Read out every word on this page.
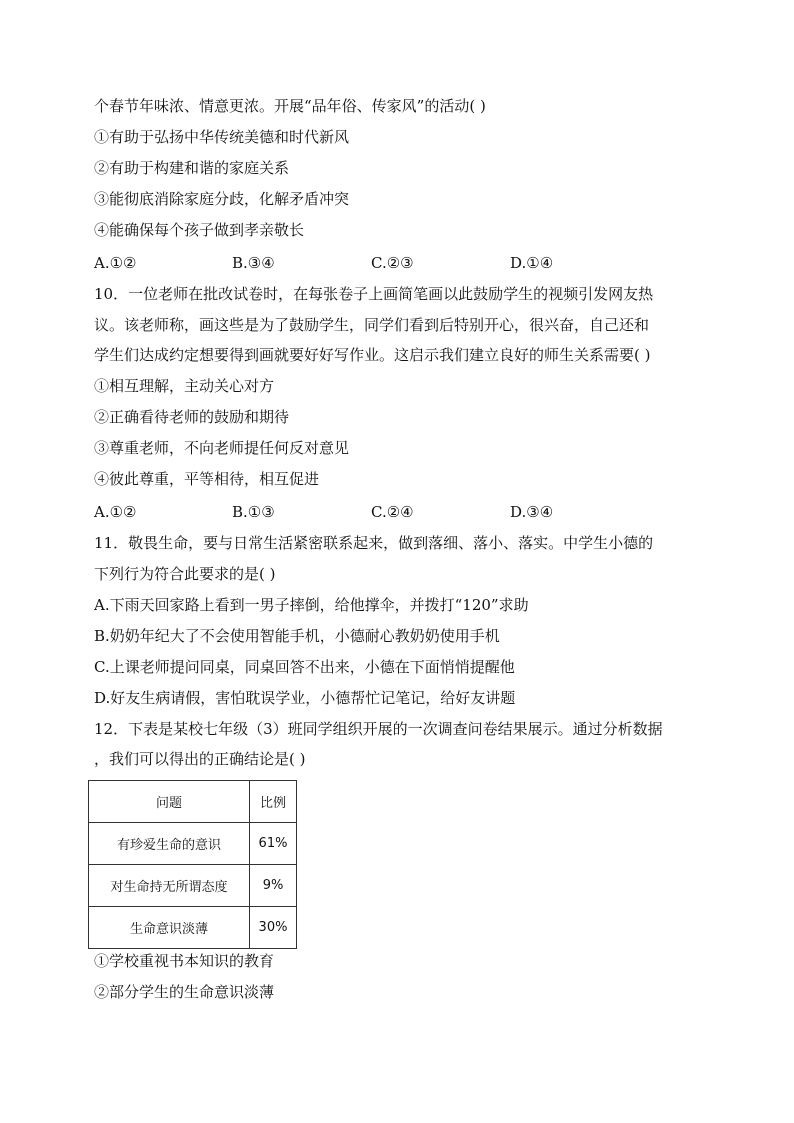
个春节年味浓、情意更浓。开展“品年俗、传家风”的活动( )
①有助于弘扬中华传统美德和时代新风
②有助于构建和谐的家庭关系
③能彻底消除家庭分歧，化解矛盾冲突
④能确保每个孩子做到孝亲敬长
A.①②	B.③④	C.②③	D.①④
10．一位老师在批改试卷时，在每张卷子上画简笔画以此鼓励学生的视频引发网友热
议。该老师称，画这些是为了鼓励学生，同学们看到后特别开心，很兴奋，自己还和
学生们达成约定想要得到画就要好好写作业。这启示我们建立良好的师生关系需要( )
①相互理解，主动关心对方
②正确看待老师的鼓励和期待
③尊重老师，不向老师提任何反对意见
④彼此尊重，平等相待，相互促进
A.①②	B.①③	C.②④	D.③④
11．敬畏生命，要与日常生活紧密联系起来，做到落细、落小、落实。中学生小德的
下列行为符合此要求的是( )
A.下雨天回家路上看到一男子摔倒，给他撑伞，并拨打“120”求助
B.奶奶年纪大了不会使用智能手机，小德耐心教奶奶使用手机
C.上课老师提问同桌，同桌回答不出来，小德在下面悄悄提醒他
D.好友生病请假，害怕耽误学业，小德帮忙记笔记，给好友讲题
12．下表是某校七年级（3）班同学组织开展的一次调查问卷结果展示。通过分析数据
，我们可以得出的正确结论是( )
问题	比例
有珍爱生命的意识	61%
对生命持无所谓态度	9%
生命意识淡薄	30%
①学校重视书本知识的教育
②部分学生的生命意识淡薄
